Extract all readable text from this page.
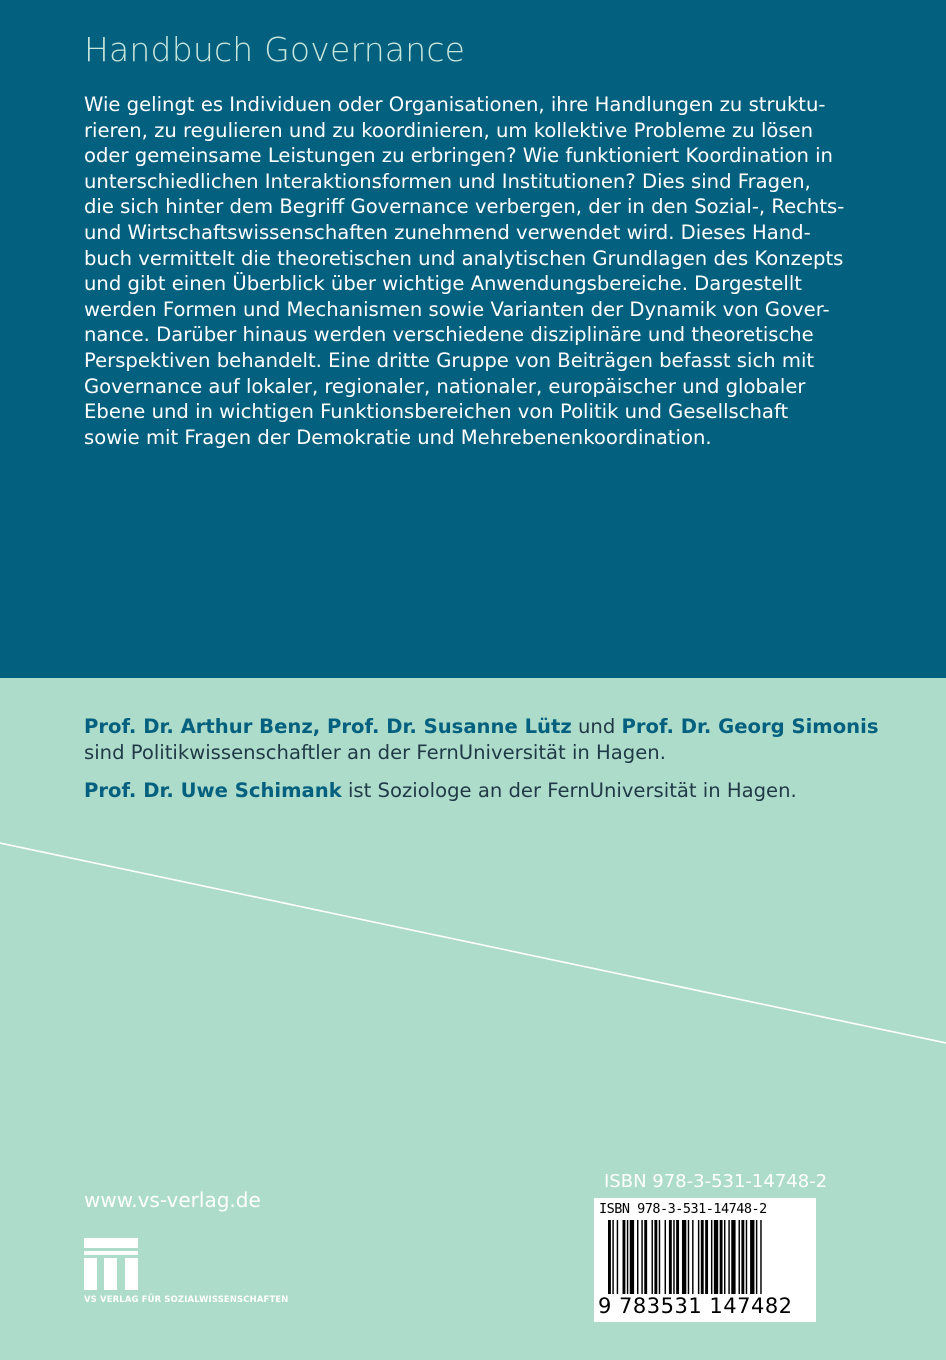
Handbuch Governance

Wie gelingt es Individuen oder Organisationen, ihre Handlungen zu struktu-
rieren, zu regulieren und zu koordinieren, um kollektive Probleme zu lösen
oder gemeinsame Leistungen zu erbringen? Wie funktioniert Koordination in
unterschiedlichen Interaktionsformen und Institutionen? Dies sind Fragen,
die sich hinter dem Begriff Governance verbergen, der in den Sozial-, Rechts-
und Wirtschaftswissenschaften zunehmend verwendet wird. Dieses Hand-
buch vermittelt die theoretischen und analytischen Grundlagen des Konzepts
und gibt einen Überblick über wichtige Anwendungsbereiche. Dargestellt
werden Formen und Mechanismen sowie Varianten der Dynamik von Gover-
nance. Darüber hinaus werden verschiedene disziplinäre und theoretische
Perspektiven behandelt. Eine dritte Gruppe von Beiträgen befasst sich mit
Governance auf lokaler, regionaler, nationaler, europäischer und globaler
Ebene und in wichtigen Funktionsbereichen von Politik und Gesellschaft
sowie mit Fragen der Demokratie und Mehrebenenkoordination.

Prof. Dr. Arthur Benz, Prof. Dr. Susanne Lütz und Prof. Dr. Georg Simonis

sind Politikwissenschaftler an der FernUniversität in Hagen.

Prof. Dr. Uwe Schimank ist Soziologe an der FernUniversität in Hagen.

www.vs-verlag.de
VS VERLAG FÜR SOZIALWISSENSCHAFTEN
ISBN 978-3-531-14748-2
ISBN 978-3-531-14748-2
9 783531 147482
